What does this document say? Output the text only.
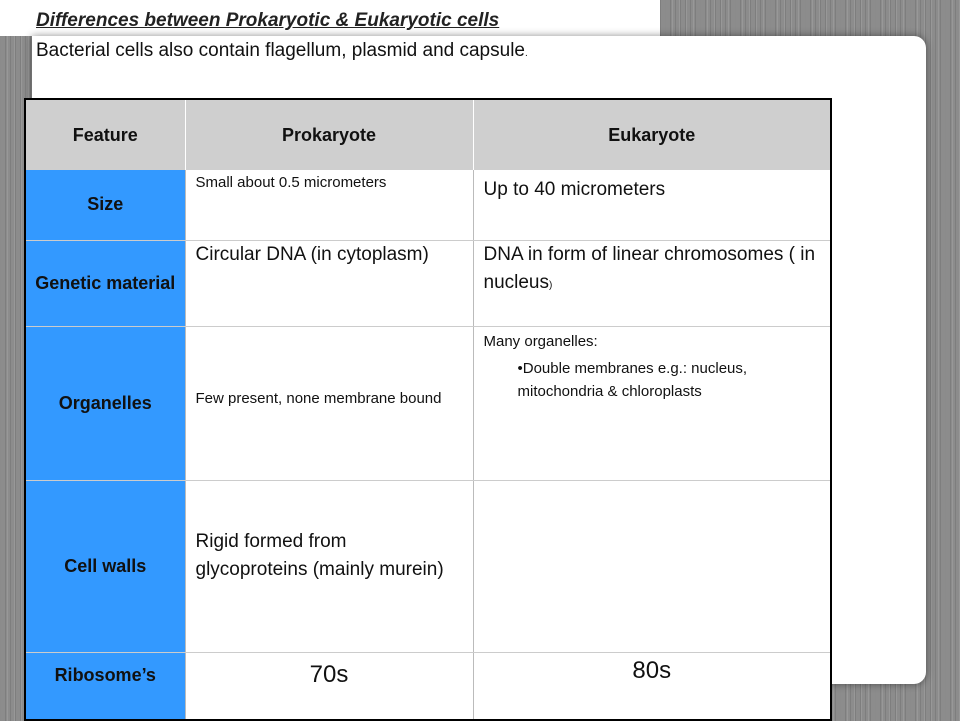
Differences between Prokaryotic & Eukaryotic cells

Bacterial cells also contain flagellum, plasmid and capsule.

Feature	Prokaryote	Eukaryote
Size	Small about 0.5 micrometers	Up to 40 micrometers

Genetic material	Circular DNA (in cytoplasm)	DNA in form of linear chromosomes ( in nucleus)

Organelles	Few present, none membrane bound	Many organelles:
•Double membranes e.g.: nucleus, mitochondria & chloroplasts

Cell walls	Rigid formed from glycoproteins (mainly murein)	

Ribosome’s	70s	80s
